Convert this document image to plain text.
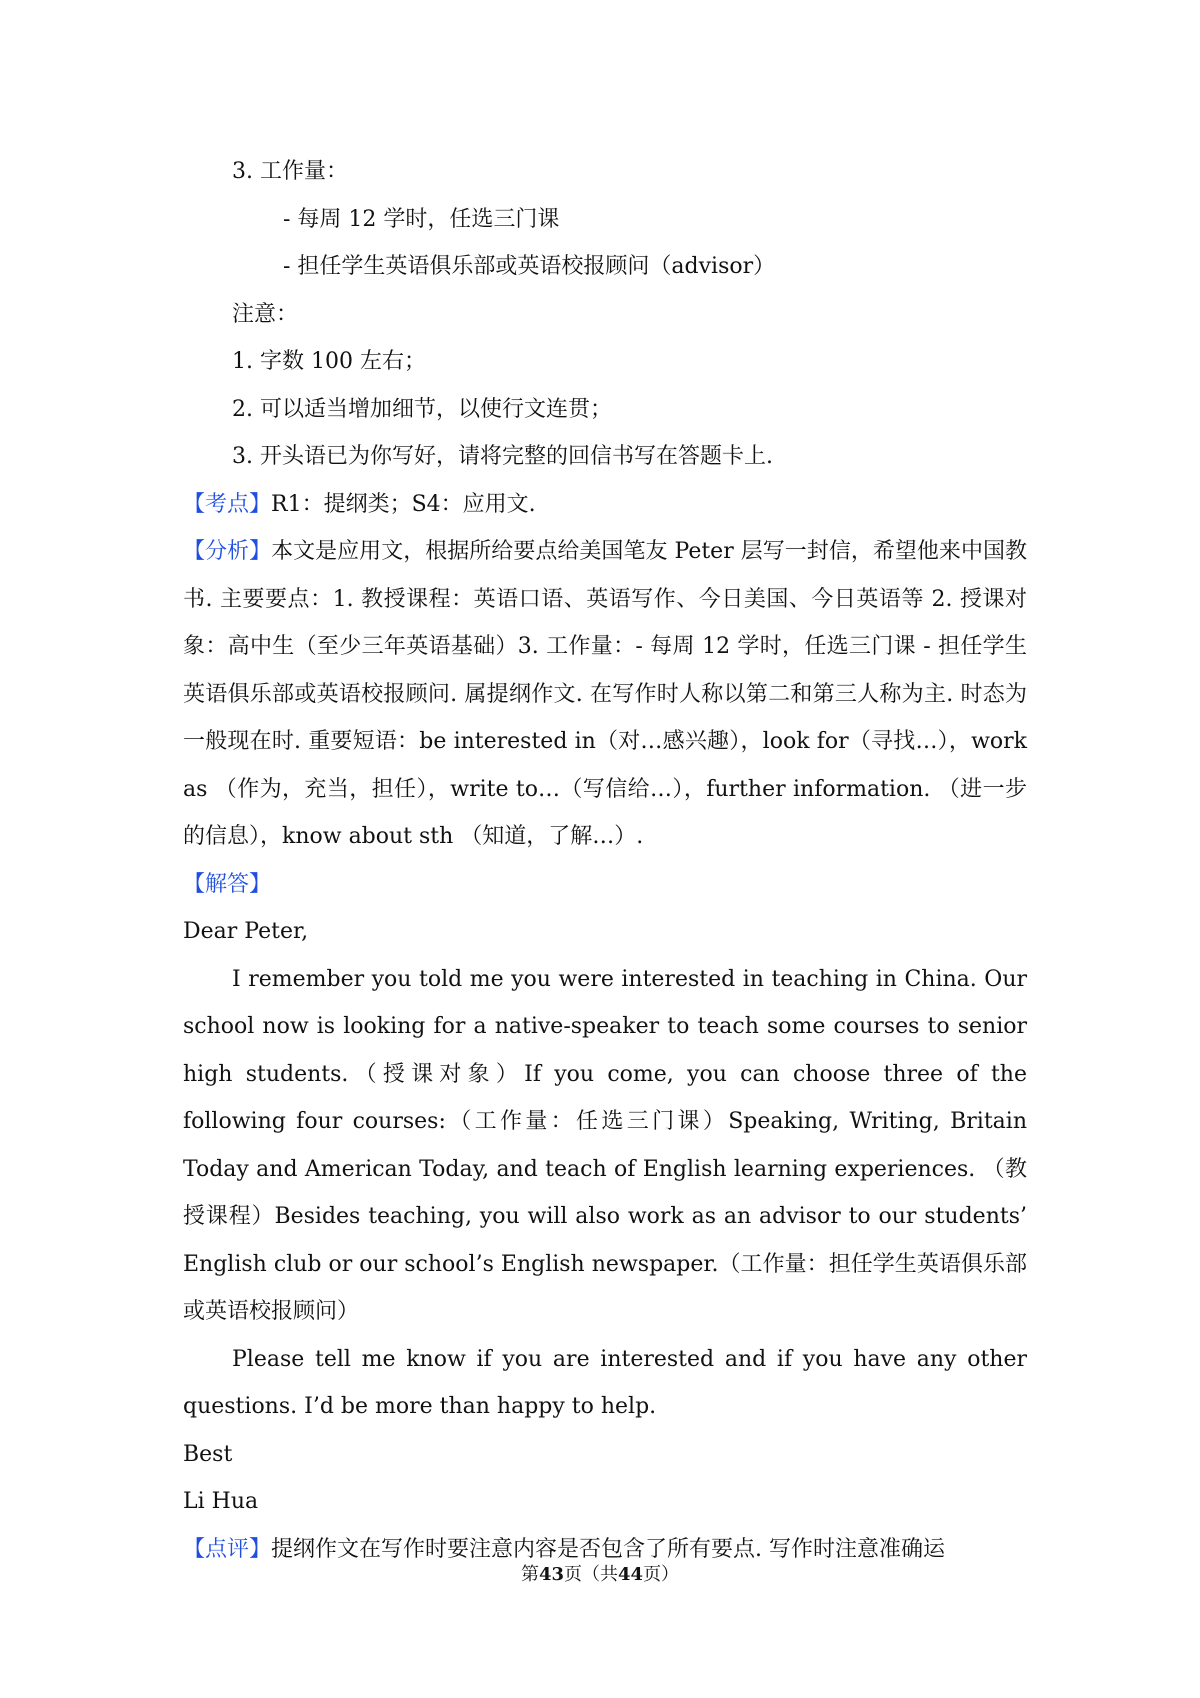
3. 工作量：
- 每周 12 学时，任选三门课
- 担任学生英语俱乐部或英语校报顾问（advisor）
注意：
1. 字数 100 左右；
2. 可以适当增加细节，以使行文连贯；
3. 开头语已为你写好，请将完整的回信书写在答题卡上.
【考点】R1：提纲类；S4：应用文.
【分析】本文是应用文，根据所给要点给美国笔友 Peter 层写一封信，希望他来中国教书. 主要要点：1. 教授课程：英语口语、英语写作、今日美国、今日英语等 2. 授课对象：高中生（至少三年英语基础）3. 工作量：- 每周 12 学时，任选三门课 - 担任学生英语俱乐部或英语校报顾问. 属提纲作文. 在写作时人称以第二和第三人称为主. 时态为一般现在时. 重要短语：be interested in（对…感兴趣），look for（寻找…），work as （作为，充当，担任），write to…（写信给…），further information. （进一步的信息），know about sth （知道，了解…）.
【解答】
Dear Peter,
I remember you told me you were interested in teaching in China. Our school now is looking for a native-speaker to teach some courses to senior high students.（授课对象）If you come, you can choose three of the following four courses:（工作量：任选三门课）Speaking, Writing, Britain Today and American Today, and teach of English learning experiences. （教授课程）Besides teaching, you will also work as an advisor to our students’ English club or our school’s English newspaper.（工作量：担任学生英语俱乐部或英语校报顾问）
Please tell me know if you are interested and if you have any other questions. I’d be more than happy to help.
Best
Li Hua
【点评】提纲作文在写作时要注意内容是否包含了所有要点. 写作时注意准确运
第43页（共44页）
